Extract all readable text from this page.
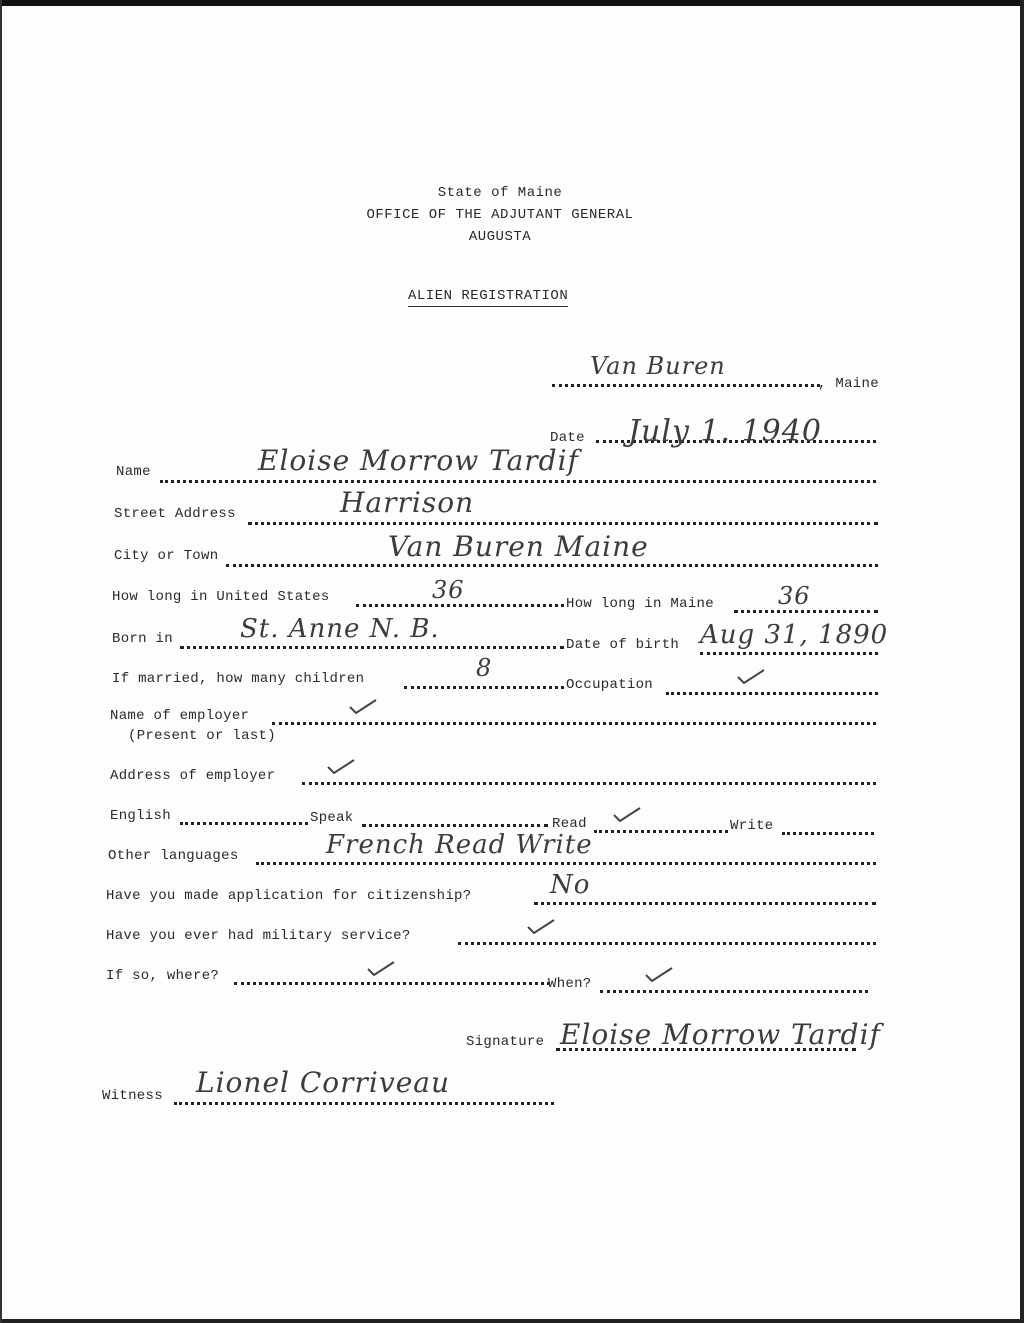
State of Maine
OFFICE OF THE ADJUTANT GENERAL
AUGUSTA
ALIEN REGISTRATION
Van Buren
, Maine
Date July 1. 1940
Name	Eloise Morrow Tardif
Street Address	Harrison
City or Town	Van Buren Maine
How long in United States	36	How long in Maine	36
Born in	St. Anne N. B.
Date of birth Aug 31, 1890
If married, how many children	8
Occupation
Name of employer
(Present or last)
Address of employer
English	Speak	Read	Write
Other languages	French Read Write
Have you made application for citizenship?	No
Have you ever had military service?
If so, where?	When?
Signature Eloise Morrow Tardif
Witness Lionel Corriveau
